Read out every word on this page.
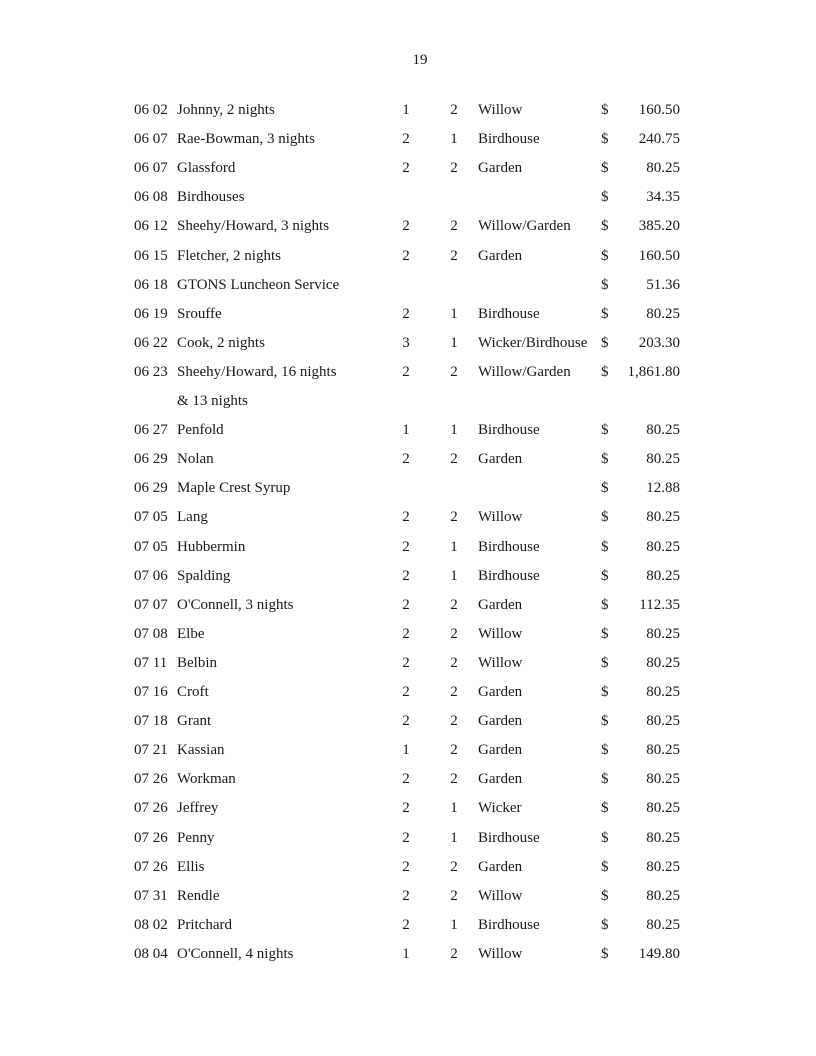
19
06 02 Johnny, 2 nights	1	2	Willow	$	160.50
06 07 Rae-Bowman, 3 nights	2	1	Birdhouse	$	240.75
06 07 Glassford	2	2	Garden	$	80.25
06 08 Birdhouses	$	34.35
06 12 Sheehy/Howard, 3 nights	2	2	Willow/Garden $	385.20
06 15 Fletcher, 2 nights	2	2	Garden	$	160.50
06 18 GTONS Luncheon Service	$	51.36
06 19 Srouffe	2	1	Birdhouse	$	80.25
06 22 Cook, 2 nights	3	1	Wicker/Birdhouse $	203.30
06 23 Sheehy/Howard, 16 nights	2	2	Willow/Garden $	1,861.80
& 13 nights
06 27 Penfold	1	1	Birdhouse	$	80.25
06 29 Nolan	2	2	Garden	$	80.25
06 29 Maple Crest Syrup	$	12.88
07 05 Lang	2	2	Willow	$	80.25
07 05 Hubbermin	2	1	Birdhouse	$	80.25
07 06 Spalding	2	1	Birdhouse	$	80.25
07 07 O'Connell, 3 nights	2	2	Garden	$	112.35
07 08 Elbe	2	2	Willow	$	80.25
07 11 Belbin	2	2	Willow	$	80.25
07 16 Croft	2	2	Garden	$	80.25
07 18 Grant	2	2	Garden	$	80.25
07 21 Kassian	1	2	Garden	$	80.25
07 26 Workman	2	2	Garden	$	80.25
07 26 Jeffrey	2	1	Wicker	$	80.25
07 26 Penny	2	1	Birdhouse	$	80.25
07 26 Ellis	2	2	Garden	$	80.25
07 31 Rendle	2	2	Willow	$	80.25
08 02 Pritchard	2	1	Birdhouse	$	80.25
08 04 O'Connell, 4 nights	1	2	Willow	$	149.80
